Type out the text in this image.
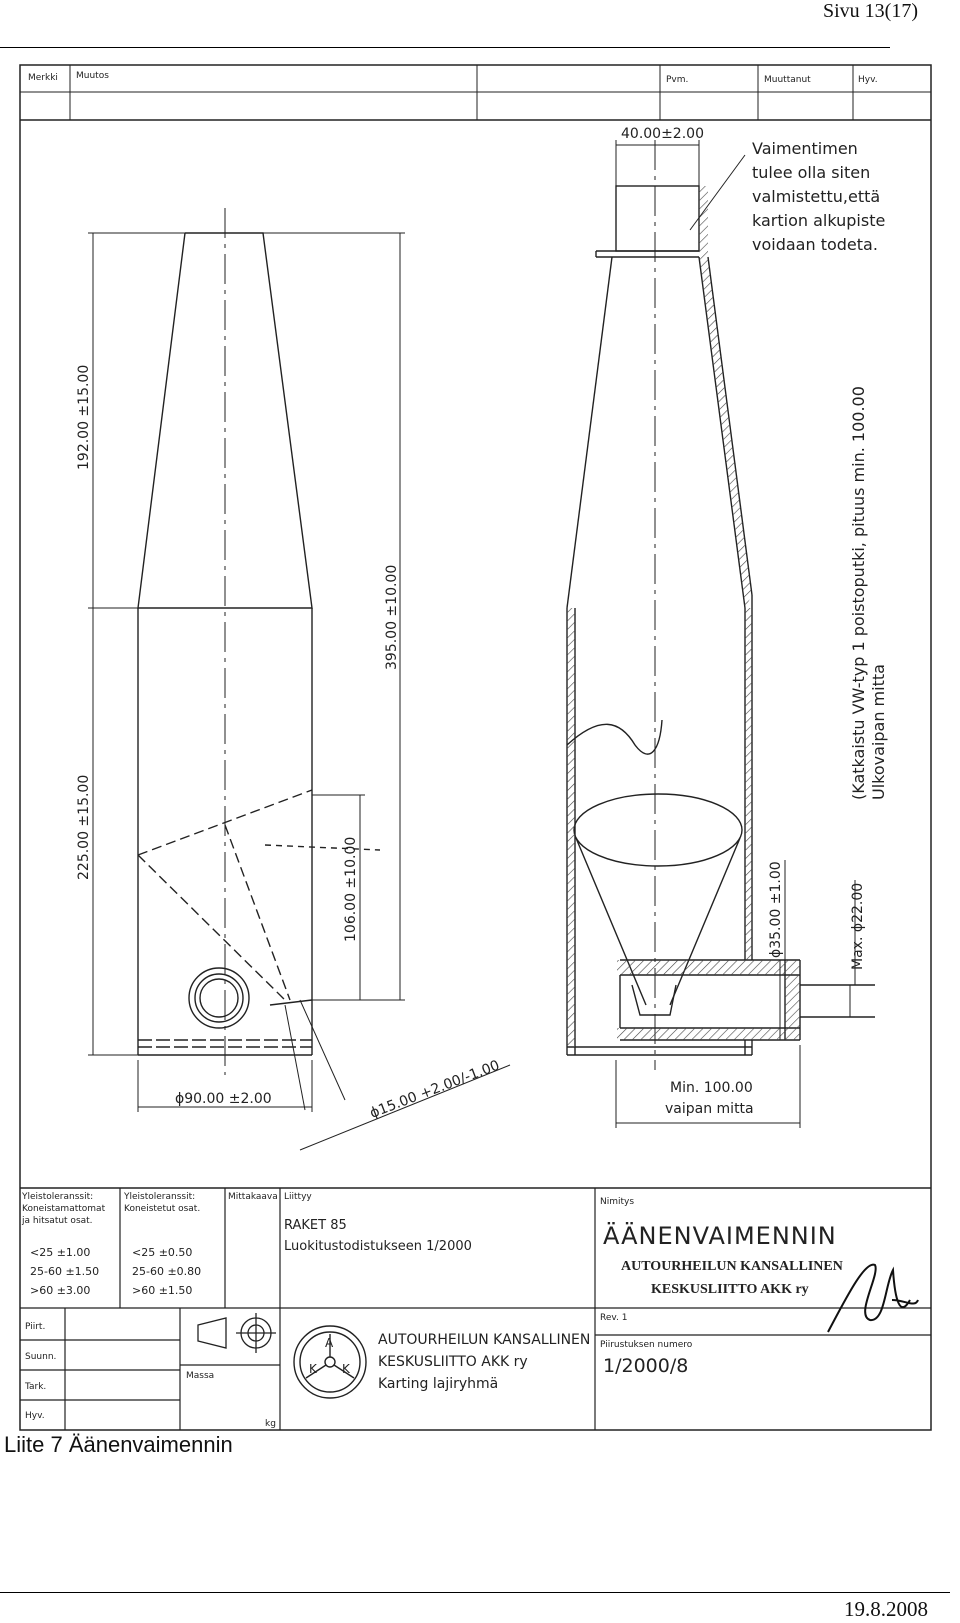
Sivu 13(17)
Merkki Muutos	Pvm.	Muuttanut	Hyv.
192.00 ±15.00
225.00 ±15.00
395.00 ±10.00
106.00 ±10.00
ϕ90.00 ±2.00	ϕ15.00 +2.00/-1.00
40.00±2.00
ϕ35.00 ±1.00	Max. ϕ22.00
Min. 100.00
vaipan mitta
Vaimentimen
tulee olla siten
valmistettu,että
kartion alkupiste
voidaan todeta.
(Katkaistu VW-typ 1 poistoputki, pituus min. 100.00 Ulkovaipan mitta
Yleistoleranssit:
Koneistamattomat
ja hitsatut osat.
<25 ±1.00
25-60 ±1.50
>60 ±3.00
Yleistoleranssit:
Koneistetut osat.
<25 ±0.50
25-60 ±0.80
>60 ±1.50
Mittakaava Liittyy
RAKET 85
Luokitustodistukseen 1/2000
Nimitys
ÄÄNENVAIMENNIN
AUTOURHEILUN KANSALLINEN
KESKUSLIITTO AKK ry
Rev. 1
Piirt.
Suunn.
Tark.
Hyv.
Massa
kg
A
K K
AUTOURHEILUN KANSALLINEN
KESKUSLIITTO AKK ry
Karting lajiryhmä
Piirustuksen numero
1/2000/8
Liite 7 Äänenvaimennin
19.8.2008
